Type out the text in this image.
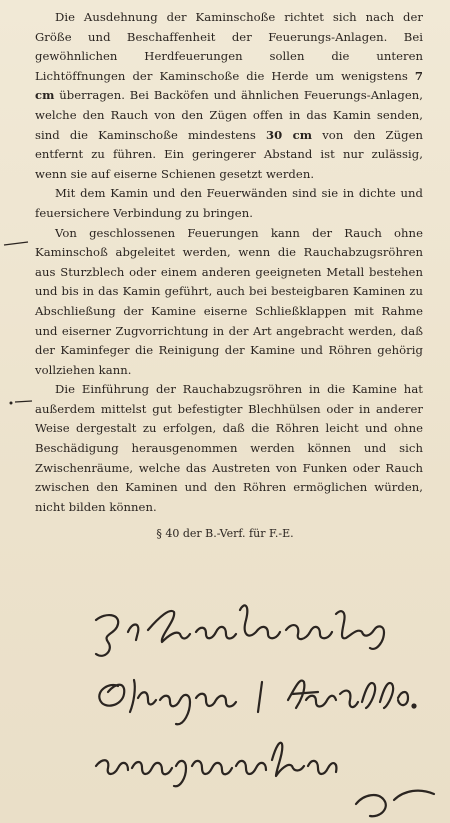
Die Ausdehnung der Kaminschoße richtet sich nach der Größe und Beschaffenheit der Feuerungs-Anlagen. Bei gewöhnlichen Herdfeuerungen sollen die unteren Lichtöffnungen der Kaminschoße die Herde um wenigstens 7 cm überragen. Bei Backöfen und ähnlichen Feuerungs-Anlagen, welche den Rauch von den Zügen offen in das Kamin senden, sind die Kaminschoße mindestens 30 cm von den Zügen entfernt zu führen. Ein geringerer Abstand ist nur zulässig, wenn sie auf eiserne Schienen gesetzt werden.

Mit dem Kamin und den Feuerwänden sind sie in dichte und feuersichere Verbindung zu bringen.

Von geschlossenen Feuerungen kann der Rauch ohne Kaminschoß abgeleitet werden, wenn die Rauchabzugsröhren aus Sturzblech oder einem anderen geeigneten Metall bestehen und bis in das Kamin geführt, auch bei besteigbaren Kaminen zu Abschließung der Kamine eiserne Schließklappen mit Rahme und eiserner Zugvorrichtung in der Art angebracht werden, daß der Kaminfeger die Reinigung der Kamine und Röhren gehörig vollziehen kann.

Die Einführung der Rauchabzugsröhren in die Kamine hat außerdem mittelst gut befestigter Blechhülsen oder in anderer Weise dergestalt zu erfolgen, daß die Röhren leicht und ohne Beschädigung herausgenommen werden können und sich Zwischenräume, welche das Austreten von Funken oder Rauch zwischen den Kaminen und den Röhren ermöglichen würden, nicht bilden können.

§ 40 der B.-Verf. für F.-E.
